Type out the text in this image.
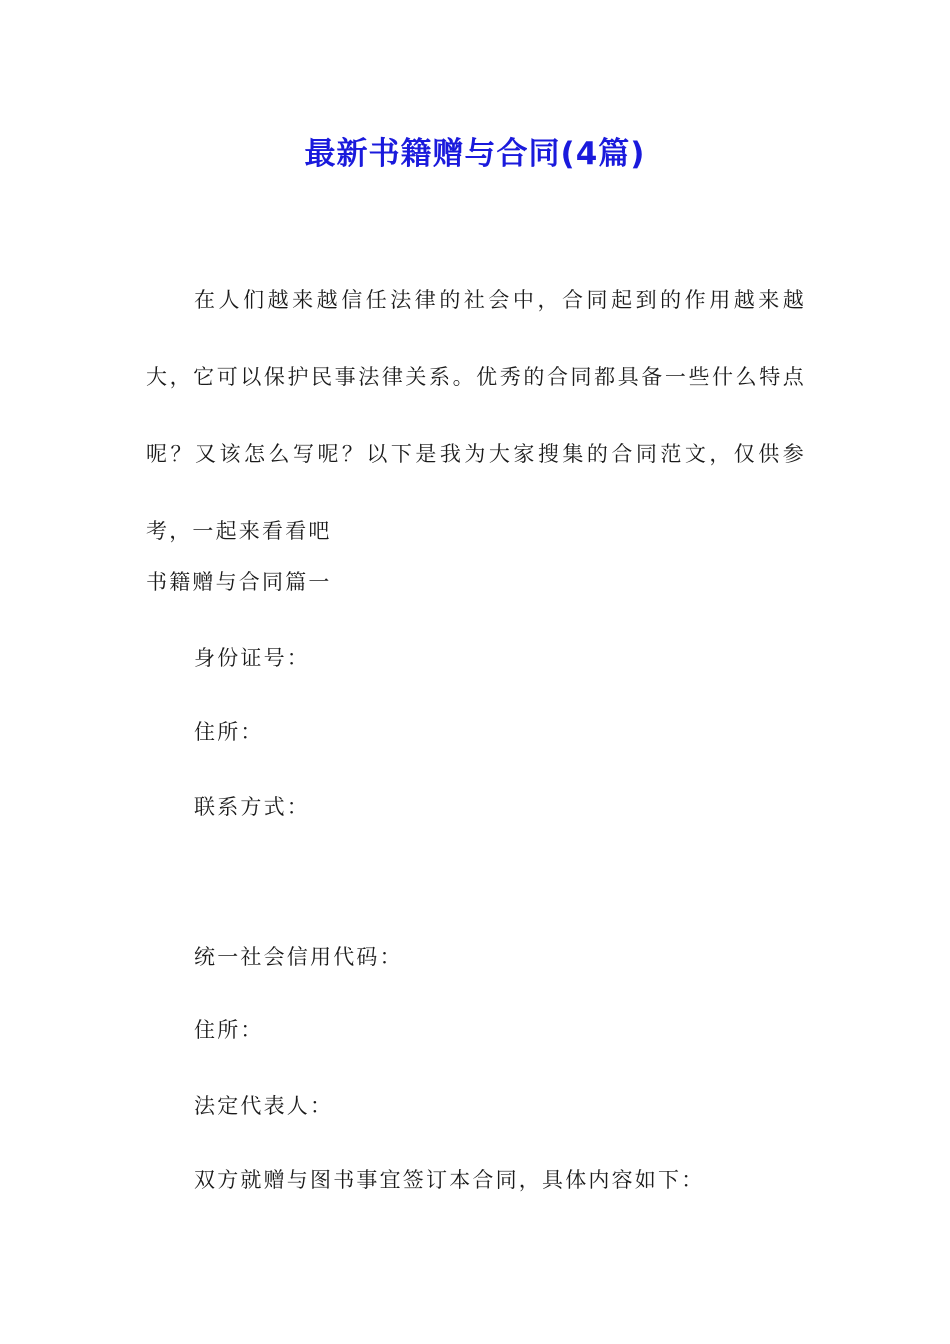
最新书籍赠与合同(4篇)

在人们越来越信任法律的社会中，合同起到的作用越来越大，它可以保护民事法律关系。优秀的合同都具备一些什么特点呢？又该怎么写呢？以下是我为大家搜集的合同范文，仅供参考，一起来看看吧

书籍赠与合同篇一

身份证号：

住所：

联系方式：

统一社会信用代码：

住所：

法定代表人：

双方就赠与图书事宜签订本合同，具体内容如下：
